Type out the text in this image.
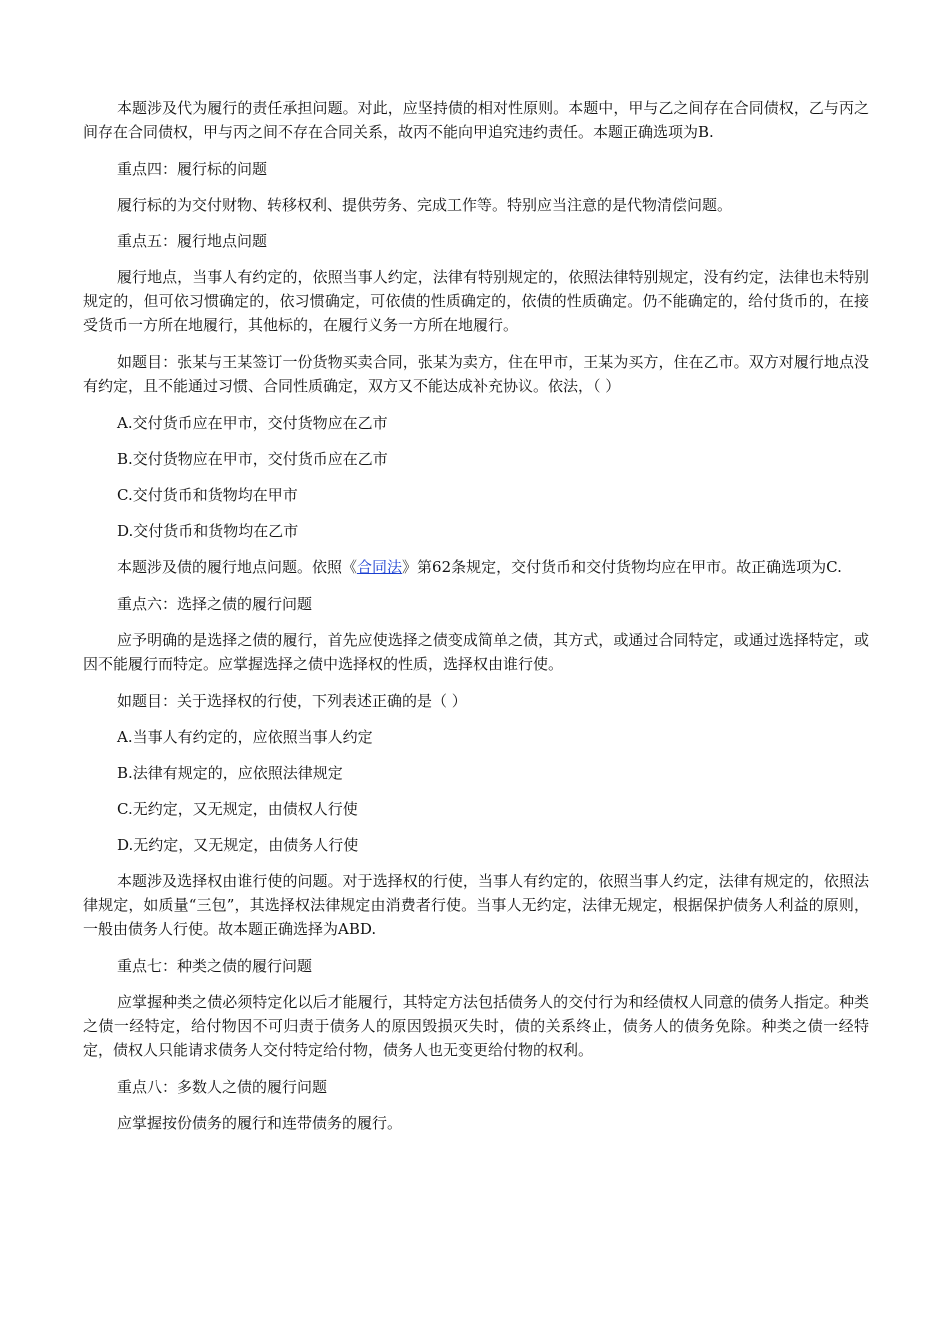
本题涉及代为履行的责任承担问题。对此，应坚持债的相对性原则。本题中，甲与乙之间存在合同债权，乙与丙之间存在合同债权，甲与丙之间不存在合同关系，故丙不能向甲追究违约责任。本题正确选项为B.

重点四：履行标的问题

履行标的为交付财物、转移权利、提供劳务、完成工作等。特别应当注意的是代物清偿问题。

重点五：履行地点问题

履行地点，当事人有约定的，依照当事人约定，法律有特别规定的，依照法律特别规定，没有约定，法律也未特别规定的，但可依习惯确定的，依习惯确定，可依债的性质确定的，依债的性质确定。仍不能确定的，给付货币的，在接受货币一方所在地履行，其他标的，在履行义务一方所在地履行。

如题目：张某与王某签订一份货物买卖合同，张某为卖方，住在甲市，王某为买方，住在乙市。双方对履行地点没有约定，且不能通过习惯、合同性质确定，双方又不能达成补充协议。依法，（ ）

A.交付货币应在甲市，交付货物应在乙市

B.交付货物应在甲市，交付货币应在乙市

C.交付货币和货物均在甲市

D.交付货币和货物均在乙市

本题涉及债的履行地点问题。依照《合同法》第62条规定，交付货币和交付货物均应在甲市。故正确选项为C.

重点六：选择之债的履行问题

应予明确的是选择之债的履行，首先应使选择之债变成简单之债，其方式，或通过合同特定，或通过选择特定，或因不能履行而特定。应掌握选择之债中选择权的性质，选择权由谁行使。

如题目：关于选择权的行使，下列表述正确的是（ ）

A.当事人有约定的，应依照当事人约定

B.法律有规定的，应依照法律规定

C.无约定，又无规定，由债权人行使

D.无约定，又无规定，由债务人行使

本题涉及选择权由谁行使的问题。对于选择权的行使，当事人有约定的，依照当事人约定，法律有规定的，依照法律规定，如质量“三包”，其选择权法律规定由消费者行使。当事人无约定，法律无规定，根据保护债务人利益的原则，一般由债务人行使。故本题正确选择为ABD.

重点七：种类之债的履行问题

应掌握种类之债必须特定化以后才能履行，其特定方法包括债务人的交付行为和经债权人同意的债务人指定。种类之债一经特定，给付物因不可归责于债务人的原因毁损灭失时，债的关系终止，债务人的债务免除。种类之债一经特定，债权人只能请求债务人交付特定给付物，债务人也无变更给付物的权利。

重点八：多数人之债的履行问题

应掌握按份债务的履行和连带债务的履行。
